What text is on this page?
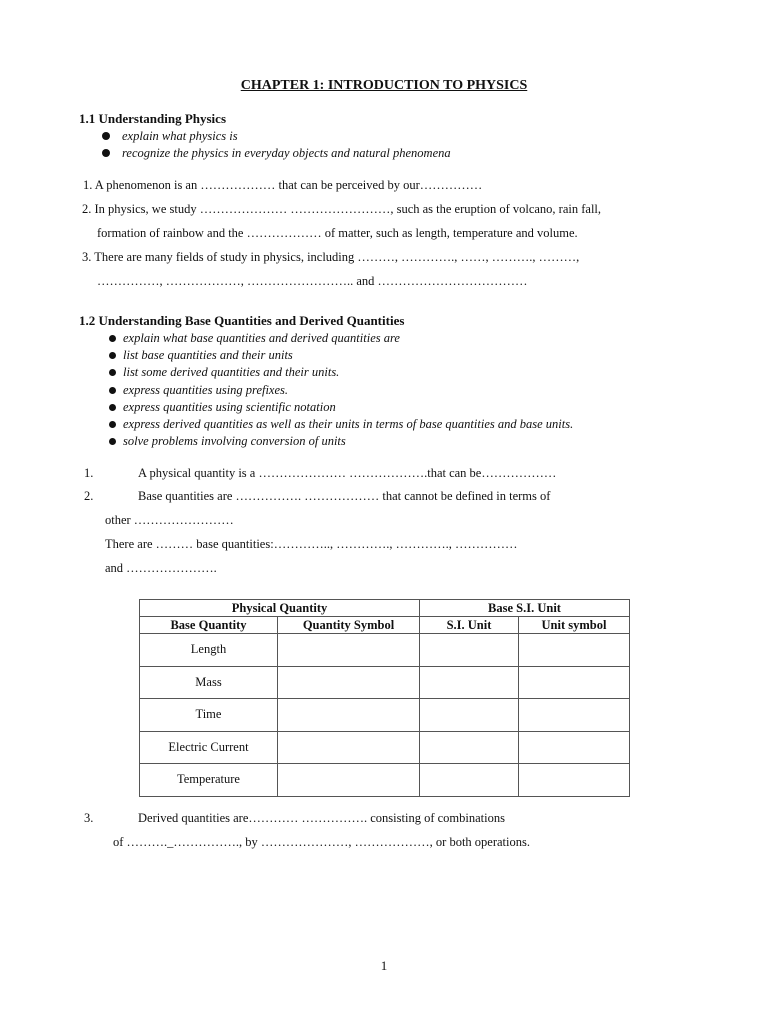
CHAPTER 1: INTRODUCTION TO PHYSICS
1.1 Understanding Physics
explain what physics is
recognize the physics in everyday objects and natural phenomena
1. A phenomenon is an ……………… that can be perceived by our……………
2. In physics, we study ………………… ……………………, such as the eruption of volcano, rain fall,
formation of rainbow and the ……………… of matter, such as length, temperature and volume.
3. There are many fields of study in physics, including ………, …………., ……, ………., ………,
……………, ………………, …………………….. and ………………………………
1.2 Understanding Base Quantities and Derived Quantities
explain what base quantities and derived quantities are
list base quantities and their units
list some derived quantities and their units.
express quantities using prefixes.
express quantities using scientific notation
express derived quantities as well as their units in terms of base quantities and base units.
solve problems involving conversion of units
1.	A physical quantity is a ………………… ……………….that can be………………
2.	Base quantities are ……………. ……………… that cannot be defined in terms of
other ……………………
There are ……… base quantities:………….., …………., …………., ……………
and ………………….
Physical Quantity		Base S.I. Unit	
Base Quantity	Quantity Symbol	S.I. Unit	Unit symbol
Length			
Mass			
Time			
Electric Current			
Temperature			
3.	Derived quantities are………… ……………. consisting of combinations
of ………._……………., by …………………, ………………, or both operations.
1
